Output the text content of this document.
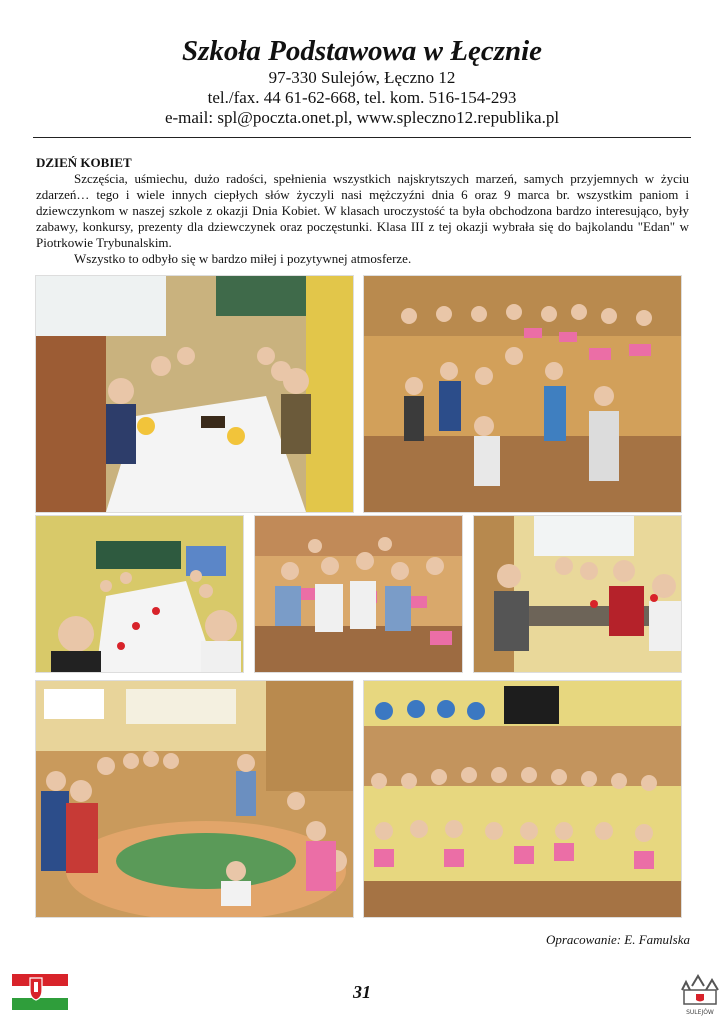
Szkoła Podstawowa w Łęcznie
97-330 Sulejów, Łęczno 12
tel./fax. 44 61-62-668, tel. kom. 516-154-293
e-mail: spl@poczta.onet.pl, www.spleczno12.republika.pl
DZIEŃ KOBIET

Szczęścia, uśmiechu, dużo radości, spełnienia wszystkich najskrytszych marzeń, samych przyjemnych w życiu zdarzeń… tego i wiele innych ciepłych słów życzyli nasi mężczyźni dnia 6 oraz 9 marca br. wszystkim paniom i dziewczynkom w naszej szkole z okazji Dnia Kobiet. W klasach uroczystość ta była obchodzona bardzo interesująco, były zabawy, konkursy, prezenty dla dziewczynek oraz poczęstunki. Klasa III z tej okazji wybrała się do bajkolandu "Edan" w Piotrkowie Trybunalskim.

Wszystko to odbyło się w bardzo miłej i pozytywnej atmosferze.

Opracowanie: E. Famulska
31
SULEJÓW
